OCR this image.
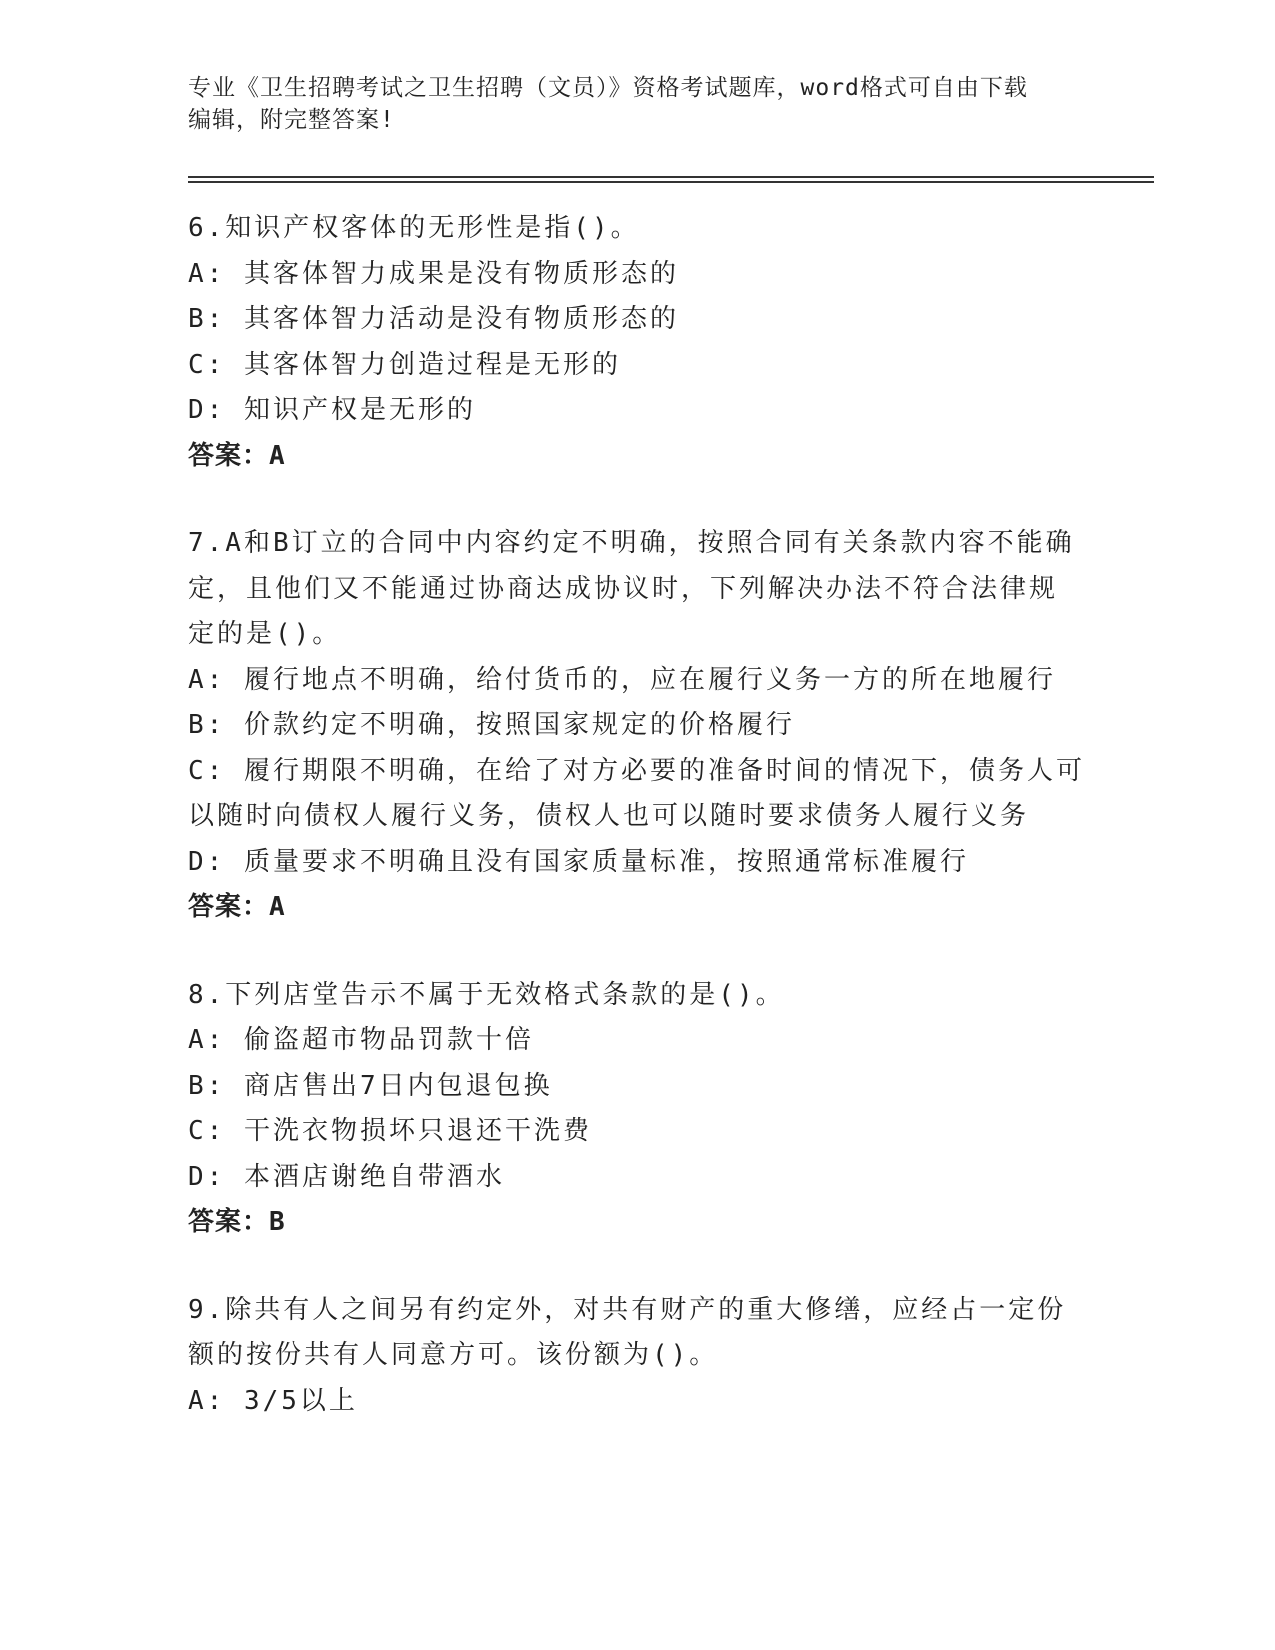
专业《卫生招聘考试之卫生招聘（文员）》资格考试题库，word格式可自由下载
编辑，附完整答案!
6.知识产权客体的无形性是指()。
A: 其客体智力成果是没有物质形态的
B: 其客体智力活动是没有物质形态的
C: 其客体智力创造过程是无形的
D: 知识产权是无形的
答案：A
7.A和B订立的合同中内容约定不明确，按照合同有关条款内容不能确
定，且他们又不能通过协商达成协议时，下列解决办法不符合法律规
定的是()。
A: 履行地点不明确，给付货币的，应在履行义务一方的所在地履行
B: 价款约定不明确，按照国家规定的价格履行
C: 履行期限不明确，在给了对方必要的准备时间的情况下，债务人可
以随时向债权人履行义务，债权人也可以随时要求债务人履行义务
D: 质量要求不明确且没有国家质量标准，按照通常标准履行
答案：A
8.下列店堂告示不属于无效格式条款的是()。
A: 偷盗超市物品罚款十倍
B: 商店售出7日内包退包换
C: 干洗衣物损坏只退还干洗费
D: 本酒店谢绝自带酒水
答案：B
9.除共有人之间另有约定外，对共有财产的重大修缮，应经占一定份
额的按份共有人同意方可。该份额为()。
A: 3/5以上
